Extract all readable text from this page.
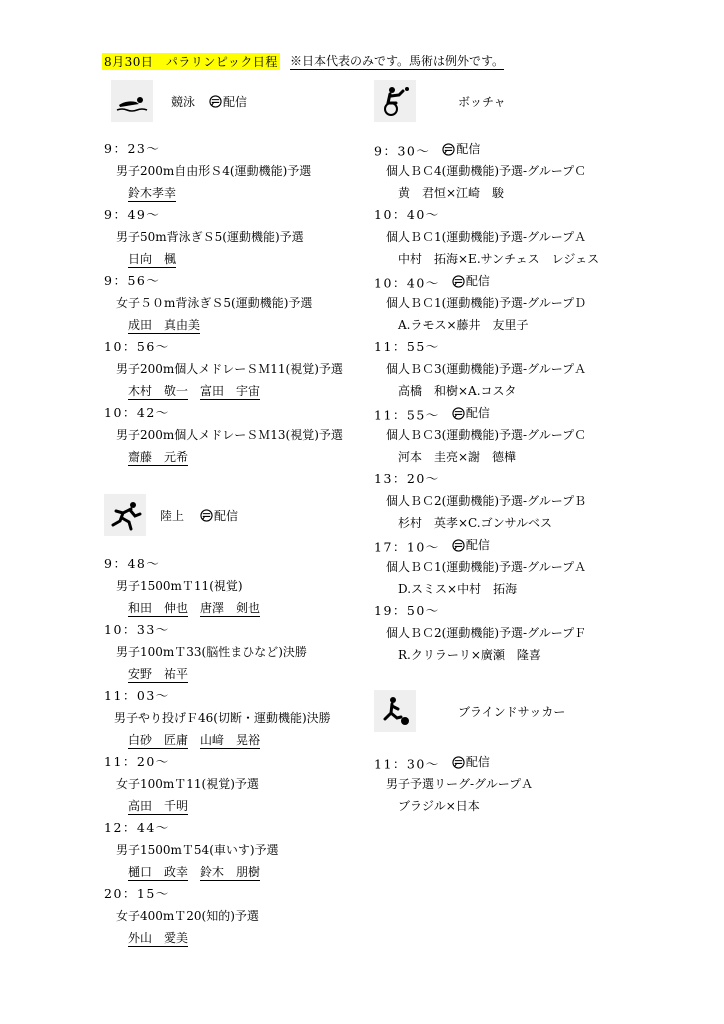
8月30日　パラリンピック日程 ※日本代表のみです。馬術は例外です。
競泳 配信
9：23～
男子200m自由形Ｓ4(運動機能)予選
鈴木孝幸
9：49～
男子50m背泳ぎＳ5(運動機能)予選
日向　楓
9：56～
女子５０m背泳ぎＳ5(運動機能)予選
成田　真由美
10：56～
男子200m個人メドレーＳＭ11(視覚)予選
木村　敬一　 富田　宇宙
10：42～
男子200m個人メドレーＳＭ13(視覚)予選
齋藤　元希
陸上	配信
9：48～
男子1500mＴ11(視覚)
和田　伸也　 唐澤　剣也
10：33～
男子100mＴ33(脳性まひなど)決勝
安野　祐平
11：03～
男子やり投げＦ46(切断・運動機能)決勝
白砂　匠庸　 山﨑　晃裕
11：20～
女子100mＴ11(視覚)予選
高田　千明
12：44～
男子1500mＴ54(車いす)予選
樋口　政幸　 鈴木　朋樹
20：15～
女子400mＴ20(知的)予選
外山　愛美
ボッチャ
9：30～　 配信
個人ＢＣ4(運動機能)予選‐グループＣ
黄　君恒×江崎　駿
10：40～
個人ＢＣ1(運動機能)予選‐グループＡ
中村　拓海×E.サンチェス　レジェス
10：40～　 配信
個人ＢＣ1(運動機能)予選‐グループＤ
A.ラモス×藤井　友里子
11：55～
個人ＢＣ3(運動機能)予選‐グループＡ
高橋　和樹×A.コスタ
11：55～　 配信
個人ＢＣ3(運動機能)予選‐グループＣ
河本　圭亮×謝　德樺
13：20～
個人ＢＣ2(運動機能)予選‐グループＢ
杉村　英孝×C.ゴンサルベス
17：10～　 配信
個人ＢＣ1(運動機能)予選‐グループＡ
D.スミス×中村　拓海
19：50～
個人ＢＣ2(運動機能)予選‐グループＦ
R.クリラーリ×廣瀬　隆喜
ブラインドサッカー
11：30～　 配信
男子予選リーグ‐グループＡ
ブラジル×日本
